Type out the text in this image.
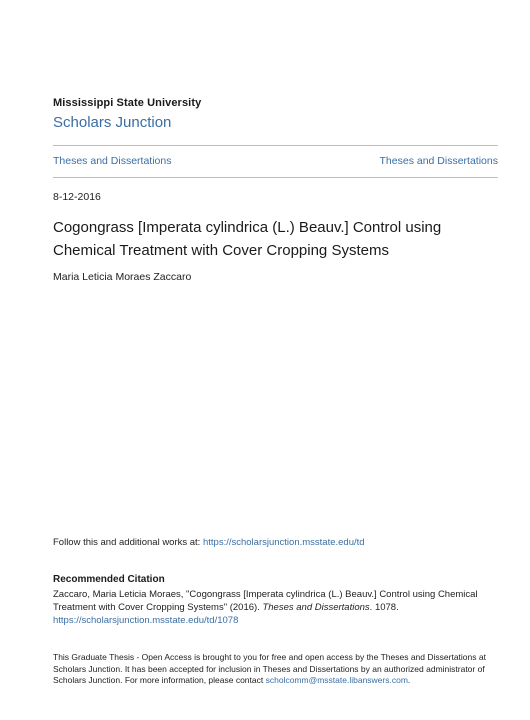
Mississippi State University
Scholars Junction
Theses and Dissertations	Theses and Dissertations
8-12-2016
Cogongrass [Imperata cylindrica (L.) Beauv.] Control using
Chemical Treatment with Cover Cropping Systems
Maria Leticia Moraes Zaccaro
Follow this and additional works at: https://scholarsjunction.msstate.edu/td
Recommended Citation
Zaccaro, Maria Leticia Moraes, "Cogongrass [Imperata cylindrica (L.) Beauv.] Control using Chemical
Treatment with Cover Cropping Systems" (2016). Theses and Dissertations. 1078.
https://scholarsjunction.msstate.edu/td/1078
This Graduate Thesis - Open Access is brought to you for free and open access by the Theses and Dissertations at
Scholars Junction. It has been accepted for inclusion in Theses and Dissertations by an authorized administrator of
Scholars Junction. For more information, please contact scholcomm@msstate.libanswers.com.
